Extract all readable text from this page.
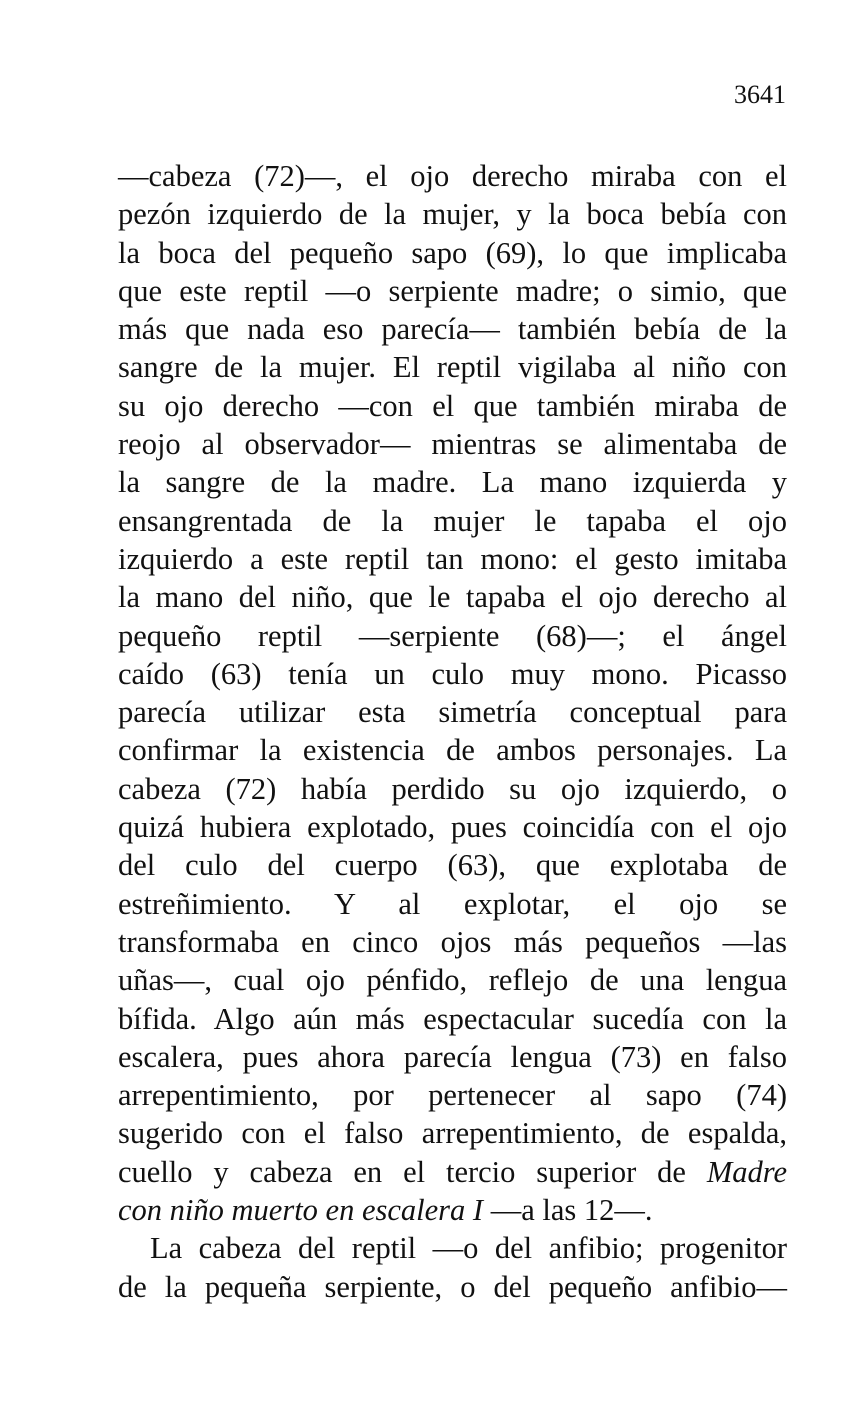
3641
—cabeza (72)—, el ojo derecho miraba con el
pezón izquierdo de la mujer, y la boca bebía con
la boca del pequeño sapo (69), lo que implicaba
que este reptil —o serpiente madre; o simio, que
más que nada eso parecía— también bebía de la
sangre de la mujer. El reptil vigilaba al niño con
su ojo derecho —con el que también miraba de
reojo al observador— mientras se alimentaba de
la sangre de la madre. La mano izquierda y
ensangrentada de la mujer le tapaba el ojo
izquierdo a este reptil tan mono: el gesto imitaba
la mano del niño, que le tapaba el ojo derecho al
pequeño reptil —serpiente (68)—; el ángel
caído (63) tenía un culo muy mono. Picasso
parecía utilizar esta simetría conceptual para
confirmar la existencia de ambos personajes. La
cabeza (72) había perdido su ojo izquierdo, o
quizá hubiera explotado, pues coincidía con el ojo
del culo del cuerpo (63), que explotaba de
estreñimiento. Y al explotar, el ojo se
transformaba en cinco ojos más pequeños —las
uñas—, cual ojo pénfido, reflejo de una lengua
bífida. Algo aún más espectacular sucedía con la
escalera, pues ahora parecía lengua (73) en falso
arrepentimiento, por pertenecer al sapo (74)
sugerido con el falso arrepentimiento, de espalda,
cuello y cabeza en el tercio superior de Madre
con niño muerto en escalera I —a las 12—.
La cabeza del reptil —o del anfibio; progenitor
de la pequeña serpiente, o del pequeño anfibio—
